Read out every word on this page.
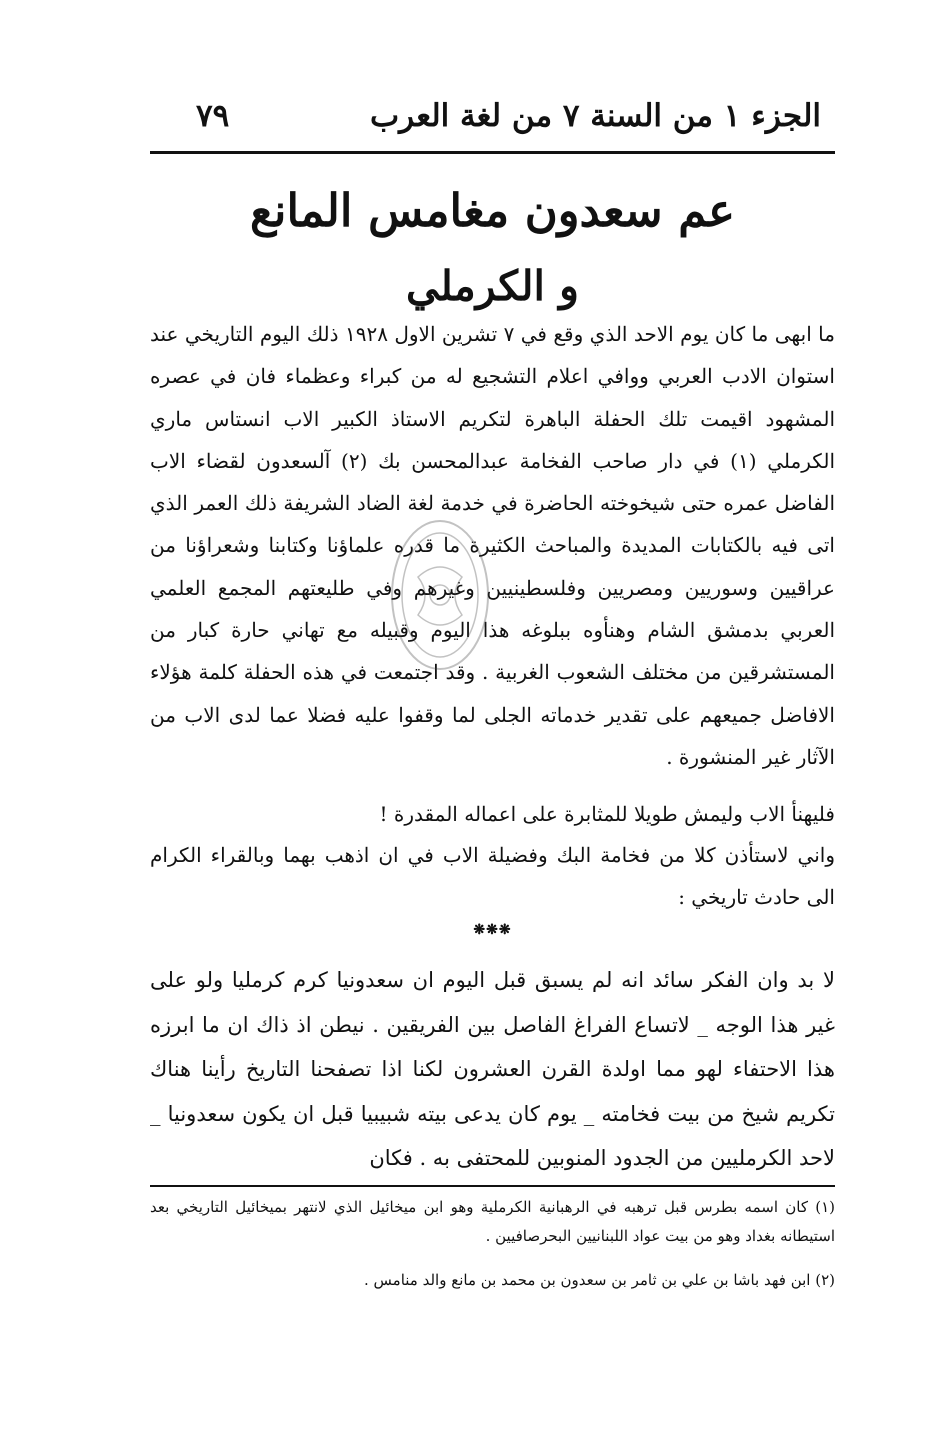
الجزء ١ من السنة ٧ من لغة العرب
٧٩
عم سعدون مغامس المانع
و الكرملي

ما ابهى ما كان يوم الاحد الذي وقع في ٧ تشرين الاول ١٩٢٨ ذلك اليوم التاريخي عند استوان الادب العربي ووافي اعلام التشجيع له من كبراء وعظماء فان في عصره المشهود اقيمت تلك الحفلة الباهرة لتكريم الاستاذ الكبير الاب انستاس ماري الكرملي (١) في دار صاحب الفخامة عبدالمحسن بك (٢) آلسعدون لقضاء الاب الفاضل عمره حتى شيخوخته الحاضرة في خدمة لغة الضاد الشريفة ذلك العمر الذي اتى فيه بالكتابات المديدة والمباحث الكثيرة ما قدره علماؤنا وكتابنا وشعراؤنا من عراقيين وسوريين ومصريين وفلسطينيين وغيرهم وفي طليعتهم المجمع العلمي العربي بدمشق الشام وهنأوه ببلوغه هذا اليوم وقبيله مع تهاني حارة كبار من المستشرقين من مختلف الشعوب الغربية . وقد اجتمعت في هذه الحفلة كلمة هؤلاء الافاضل جميعهم على تقدير خدماته الجلى لما وقفوا عليه فضلا عما لدى الاب من الآثار غير المنشورة .

فليهنأ الاب وليمش طويلا للمثابرة على اعماله المقدرة !

واني لاستأذن كلا من فخامة البك وفضيلة الاب في ان اذهب بهما وبالقراء الكرام الى حادث تاريخي :

❋❋❋

لا بد وان الفكر سائد انه لم يسبق قبل اليوم ان سعدونيا كرم كرمليا ولو على غير هذا الوجه _ لاتساع الفراغ الفاصل بين الفريقين . نيطن اذ ذاك ان ما ابرزه هذا الاحتفاء لهو مما اولدة القرن العشرون لكنا اذا تصفحنا التاريخ رأينا هناك تكريم شيخ من بيت فخامته _ يوم كان يدعى بيته شبيبيا قبل ان يكون سعدونيا _ لاحد الكرمليين من الجدود المنوبين للمحتفى به . فكان

(١) كان اسمه بطرس قبل ترهبه في الرهبانية الكرملية وهو ابن ميخائيل الذي لانتهر بميخائيل التاريخي بعد استيطانه بغداد وهو من بيت عواد اللبنانيين البحرصافيين .

(٢) ابن فهد باشا بن علي بن ثامر بن سعدون بن محمد بن مانع والد منامس .
